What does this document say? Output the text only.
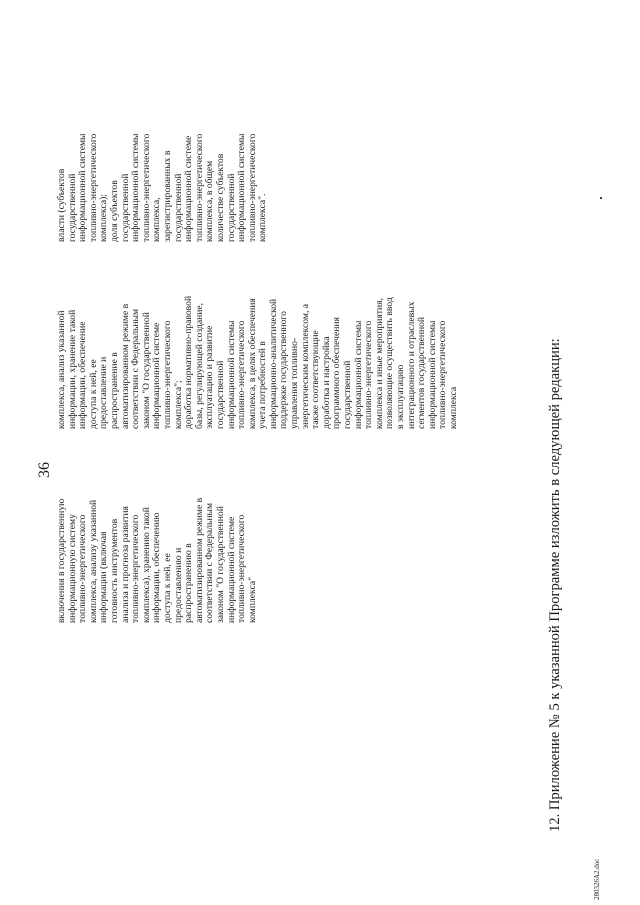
36
включения в государственную информационную систему топливно-энергетического комплекса, анализу указанной информации (включая готовность инструментов анализа и прогноза развития топливно-энергетического комплекса), хранению такой информации, обеспечению доступа к ней, ее предоставлению и распространению в автоматизированном режиме в соответствии с Федеральным законом "О государственной информационной системе топливно-энергетического комплекса"
комплекса, анализ указанной информации, хранение такой информации, обеспечение доступа к ней, ее предоставление и распространение в автоматизированном режиме в соответствии с Федеральным законом "О государственной информационной системе топливно-энергетического комплекса"; доработка нормативно-правовой базы, регулирующей создание, эксплуатацию и развитие государственной информационной системы топливно-энергетического комплекса, в целях обеспечения учета потребностей в информационно-аналитической поддержке государственного управления топливно- энергетическим комплексом, а также соответствующие доработка и настройка программного обеспечения государственной информационной системы топливно-энергетического комплекса и иные мероприятия, позволяющие осуществить ввод в эксплуатацию интеграционного и отраслевых сегментов государственной информационной системы топливно-энергетического комплекса
власти (субъектов государственной информационной системы топливно-энергетического комплекса); доля субъектов государственной информационной системы топливно-энергетического комплекса, зарегистрированных в государственной информационной системе топливно-энергетического комплекса, в общем количестве субъектов государственной информационной системы топливно-энергетического комплекса".
12. Приложение № 5 к указанной Программе изложить в следующей редакции:
280326A2.doc
